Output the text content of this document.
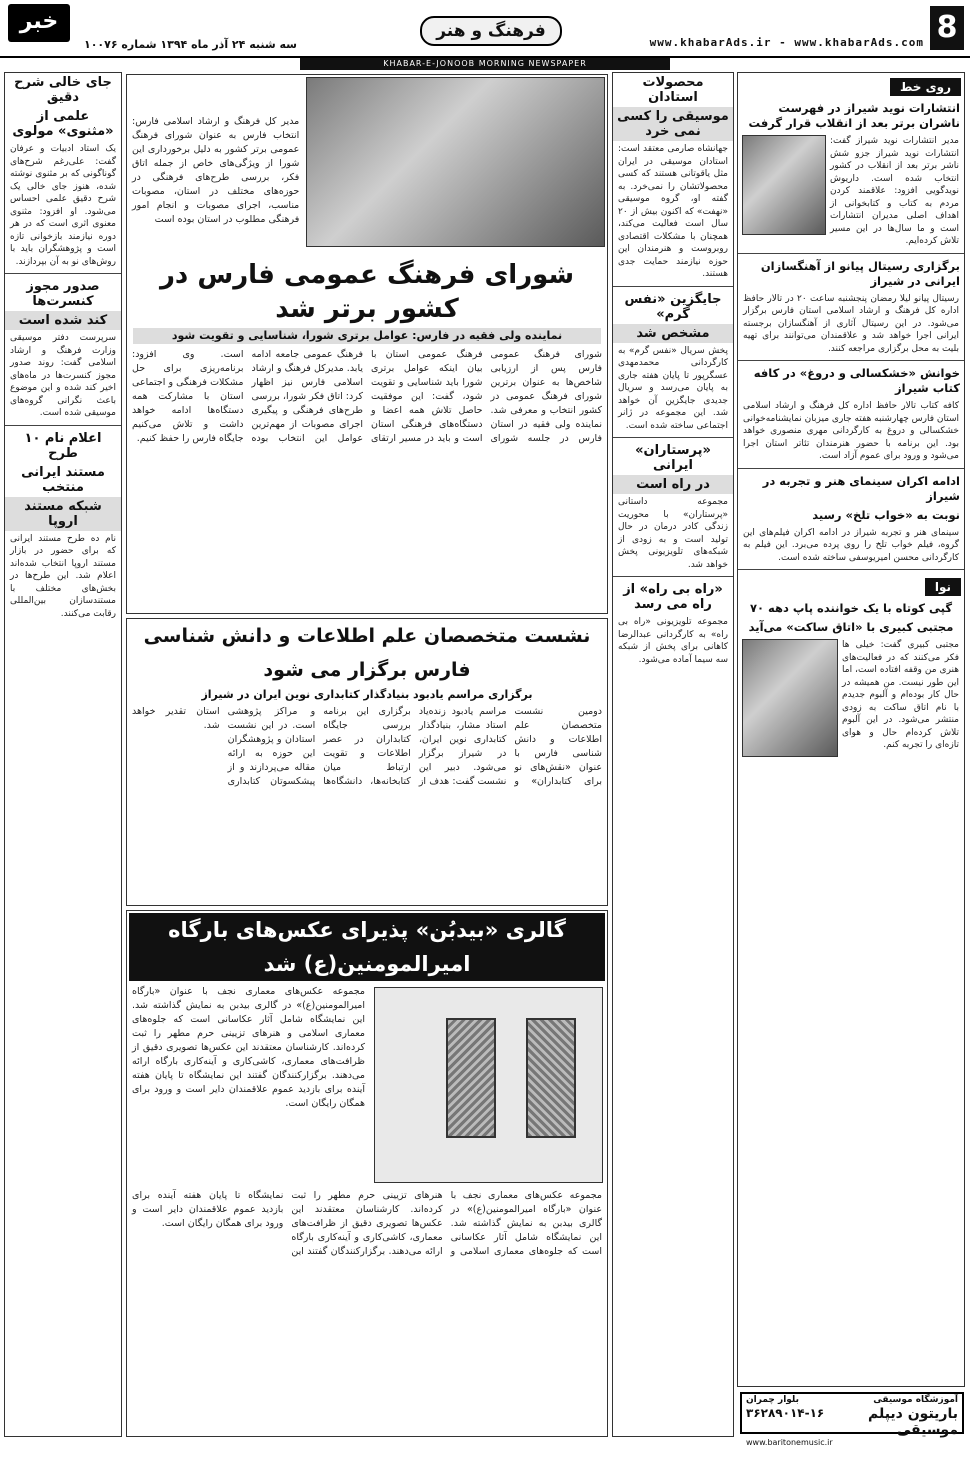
8
www.khabarAds.ir - www.khabarAds.com
فرهنگ و هنر
خبر
سه شنبه ۲۴ آذر ماه ۱۳۹۴ شماره ۱۰۰۷۶
KHABAR-E-JONOOB MORNING NEWSPAPER
روی خط
انتشارات نوید شیراز در فهرست ناشران برتر بعد از انقلاب قرار گرفت
مدیر انتشارات نوید شیراز گفت: انتشارات نوید شیراز جزو شش ناشر برتر بعد از انقلاب در کشور انتخاب شده است. داریوش نویدگویی افزود: علاقمند کردن مردم به کتاب و کتابخوانی از اهداف اصلی مدیران انتشارات است و ما سال‌ها در این مسیر تلاش کرده‌ایم.
برگزاری رسیتال پیانو از آهنگسازان ایرانی در شیراز
رسیتال پیانو لیلا رمضان پنجشنبه ساعت ۲۰ در تالار حافظ اداره کل فرهنگ و ارشاد اسلامی استان فارس برگزار می‌شود. در این رسیتال آثاری از آهنگسازان برجسته ایرانی اجرا خواهد شد و علاقمندان می‌توانند برای تهیه بلیت به محل برگزاری مراجعه کنند.
خوانش «خشکسالی و دروغ» در کافه کتاب شیراز
کافه کتاب تالار حافظ اداره کل فرهنگ و ارشاد اسلامی استان فارس چهارشنبه هفته جاری میزبان نمایشنامه‌خوانی خشکسالی و دروغ به کارگردانی مهری منصوری خواهد بود. این برنامه با حضور هنرمندان تئاتر استان اجرا می‌شود و ورود برای عموم آزاد است.
ادامه اکران سینمای هنر و تجربه در شیراز
نوبت به «خواب تلخ» رسید
سینمای هنر و تجربه شیراز در ادامه اکران فیلم‌های این گروه، فیلم خواب تلخ را روی پرده می‌برد. این فیلم به کارگردانی محسن امیریوسفی ساخته شده است.
نوا
گپی کوتاه با یک خواننده پاپ دهه ۷۰
مجتبی کبیری با «اتاق ساکت» می‌آید
مجتبی کبیری گفت: خیلی ها فکر می‌کنند که در فعالیت‌های هنری من وقفه افتاده است، اما این طور نیست. من همیشه در حال کار بوده‌ام و آلبوم جدیدم با نام اتاق ساکت به زودی منتشر می‌شود. در این آلبوم تلاش کرده‌ام حال و هوای تازه‌ای را تجربه کنم.
آموزشگاه موسیقی
بلوار چمران
باریتون دیپلم موسیقی
۳۶۲۸۹۰۱۴-۱۶
www.baritonemusic.ir
محصولات استادان
موسیقی را کسی نمی خرد
جهانشاه صارمی معتقد است: استادان موسیقی در ایران مثل یاقوتانی هستند که کسی محصولاتشان را نمی‌خرد. به گفته او، گروه موسیقی «نهفت» که اکنون بیش از ۲۰ سال است فعالیت می‌کند، همچنان با مشکلات اقتصادی روبروست و هنرمندان این حوزه نیازمند حمایت جدی هستند.
جایگزین «نفس گرم»
مشخص شد
پخش سریال «نفس گرم» به کارگردانی محمدمهدی عسگرپور تا پایان هفته جاری به پایان می‌رسد و سریال جدیدی جایگزین آن خواهد شد. این مجموعه در ژانر اجتماعی ساخته شده است.
«پرستاران» ایرانی
در راه است
مجموعه داستانی «پرستاران» با محوریت زندگی کادر درمان در حال تولید است و به زودی از شبکه‌های تلویزیونی پخش خواهد شد.
«راه بی راه» از راه می رسد
مجموعه تلویزیونی «راه بی راه» به کارگردانی عبدالرضا کاهانی برای پخش از شبکه سه سیما آماده می‌شود.
جای خالی شرح دقیق
علمی از «مثنوی» مولوی
یک استاد ادبیات و عرفان گفت: علی‌رغم شرح‌های گوناگونی که بر مثنوی نوشته شده، هنوز جای خالی یک شرح دقیق علمی احساس می‌شود. او افزود: مثنوی معنوی اثری است که در هر دوره نیازمند بازخوانی تازه است و پژوهشگران باید با روش‌های نو به آن بپردازند.
صدور مجوز کنسرت‌ها
کند شده است
سرپرست دفتر موسیقی وزارت فرهنگ و ارشاد اسلامی گفت: روند صدور مجوز کنسرت‌ها در ماه‌های اخیر کند شده و این موضوع باعث نگرانی گروه‌های موسیقی شده است.
اعلام نام ۱۰ طرح
مستند ایرانی منتخب
شبکه مستند اروپا
نام ده طرح مستند ایرانی که برای حضور در بازار مستند اروپا انتخاب شده‌اند اعلام شد. این طرح‌ها در بخش‌های مختلف با مستندسازان بین‌المللی رقابت می‌کنند.
مدیر کل فرهنگ و ارشاد اسلامی فارس: انتخاب فارس به عنوان شورای فرهنگ عمومی برتر کشور به دلیل برخورداری این شورا از ویژگی‌های خاص از جمله اتاق فکر، بررسی طرح‌های فرهنگی در حوزه‌های مختلف در استان، مصوبات مناسب، اجرای مصوبات و انجام امور فرهنگی مطلوب در استان بوده است
شورای فرهنگ عمومی فارس در کشور برتر شد
نماینده ولی فقیه در فارس: عوامل برتری شورا، شناسایی و تقویت شود
شورای فرهنگ عمومی فارس پس از ارزیابی شاخص‌ها به عنوان برترین شورای فرهنگ عمومی در کشور انتخاب و معرفی شد. نماینده ولی فقیه در استان فارس در جلسه شورای فرهنگ عمومی استان با بیان اینکه عوامل برتری شورا باید شناسایی و تقویت شود، گفت: این موفقیت حاصل تلاش همه اعضا و دستگاه‌های فرهنگی استان است و باید در مسیر ارتقای فرهنگ عمومی جامعه ادامه یابد. مدیرکل فرهنگ و ارشاد اسلامی فارس نیز اظهار کرد: اتاق فکر شورا، بررسی طرح‌های فرهنگی و پیگیری اجرای مصوبات از مهم‌ترین عوامل این انتخاب بوده است. وی افزود: برنامه‌ریزی برای حل مشکلات فرهنگی و اجتماعی استان با مشارکت همه دستگاه‌ها ادامه خواهد داشت و تلاش می‌کنیم جایگاه فارس را حفظ کنیم.
نشست متخصصان علم اطلاعات و دانش شناسی فارس برگزار می شود
برگزاری مراسم یادبود بنیادگذار کتابداری نوین ایران در شیراز
دومین نشست متخصصان علم اطلاعات و دانش شناسی فارس با عنوان «نقش‌های نو برای کتابداران» و مراسم یادبود زنده‌یاد استاد مشار، بنیادگذار کتابداری نوین ایران، در شیراز برگزار می‌شود. دبیر این نشست گفت: هدف از برگزاری این برنامه بررسی جایگاه کتابداران در عصر اطلاعات و تقویت ارتباط میان کتابخانه‌ها، دانشگاه‌ها و مراکز پژوهشی است. در این نشست استادان و پژوهشگران این حوزه به ارائه مقاله می‌پردازند و از پیشکسوتان کتابداری استان تقدیر خواهد شد.
گالری «بیدبُن» پذیرای عکس‌های بارگاه امیرالمومنین(ع) شد
مجموعه عکس‌های معماری نجف با عنوان «بارگاه امیرالمومنین(ع)» در گالری بیدبن به نمایش گذاشته شد. این نمایشگاه شامل آثار عکاسانی است که جلوه‌های معماری اسلامی و هنرهای تزیینی حرم مطهر را ثبت کرده‌اند. کارشناسان معتقدند این عکس‌ها تصویری دقیق از ظرافت‌های معماری، کاشی‌کاری و آینه‌کاری بارگاه ارائه می‌دهند. برگزارکنندگان گفتند این نمایشگاه تا پایان هفته آینده برای بازدید عموم علاقمندان دایر است و ورود برای همگان رایگان است.
مجموعه عکس‌های معماری نجف با عنوان «بارگاه امیرالمومنین(ع)» در گالری بیدبن به نمایش گذاشته شد. این نمایشگاه شامل آثار عکاسانی است که جلوه‌های معماری اسلامی و هنرهای تزیینی حرم مطهر را ثبت کرده‌اند. کارشناسان معتقدند این عکس‌ها تصویری دقیق از ظرافت‌های معماری، کاشی‌کاری و آینه‌کاری بارگاه ارائه می‌دهند. برگزارکنندگان گفتند این نمایشگاه تا پایان هفته آینده برای بازدید عموم علاقمندان دایر است و ورود برای همگان رایگان است.
